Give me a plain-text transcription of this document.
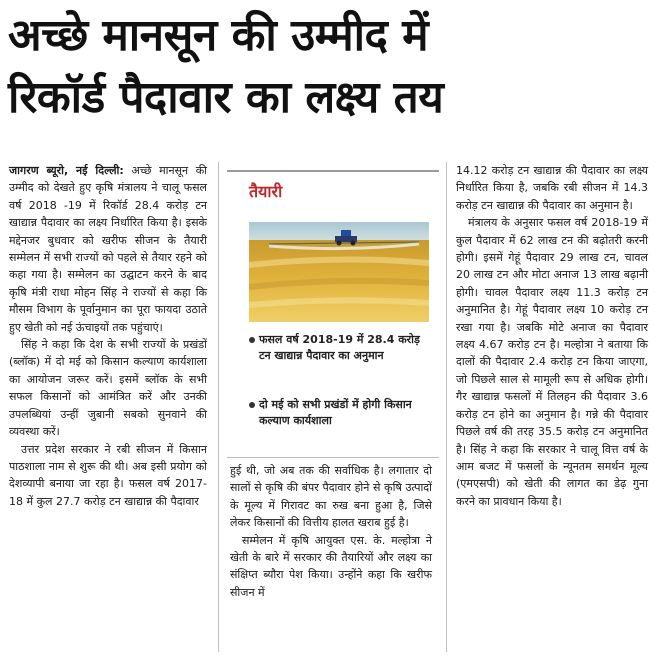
अच्छे मानसून की उम्मीद में
रिकॉर्ड पैदावार का लक्ष्य तय

जागरण ब्यूरो, नई दिल्ली: अच्छे मानसून की उम्मीद को देखते हुए कृषि मंत्रालय ने चालू फसल वर्ष 2018 -19 में रिकॉर्ड 28.4 करोड़ टन खाद्यान्न पैदावार का लक्ष्य निर्धारित किया है। इसके मद्देनजर बुधवार को खरीफ सीजन के तैयारी सम्मेलन में सभी राज्यों को पहले से तैयार रहने को कहा गया है। सम्मेलन का उद्घाटन करने के बाद कृषि मंत्री राधा मोहन सिंह ने राज्यों से कहा कि मौसम विभाग के पूर्वानुमान का पूरा फायदा उठाते हुए खेती को नई ऊंचाइयों तक पहुंचाएं।

सिंह ने कहा कि देश के सभी राज्यों के प्रखंडों (ब्लॉक) में दो मई को किसान कल्याण कार्यशाला का आयोजन जरूर करें। इसमें ब्लॉक के सभी सफल किसानों को आमंत्रित करें और उनकी उपलब्धियां उन्हीं जुबानी सबको सुनवाने की व्यवस्था करें।

उत्तर प्रदेश सरकार ने रबी सीजन में किसान पाठशाला नाम से शुरू की थी। अब इसी प्रयोग को देशव्यापी बनाया जा रहा है। फसल वर्ष 2017-18 में कुल 27.7 करोड़ टन खाद्यान्न की पैदावार

तैयारी
फसल वर्ष 2018-19 में 28.4 करोड़ टन खाद्यान्न पैदावार का अनुमान
दो मई को सभी प्रखंडों में होगी किसान कल्याण कार्यशाला

हुई थी, जो अब तक की सर्वाधिक है। लगातार दो सालों से कृषि की बंपर पैदावार होने से कृषि उत्पादों के मूल्य में गिरावट का रुख बना हुआ है, जिसे लेकर किसानों की वित्तीय हालत खराब हुई है।

सम्मेलन में कृषि आयुक्त एस. के. मल्होत्रा ने खेती के बारे में सरकार की तैयारियों और लक्ष्य का संक्षिप्त ब्यौरा पेश किया। उन्होंने कहा कि खरीफ सीजन में

14.12 करोड़ टन खाद्यान्न की पैदावार का लक्ष्य निर्धारित किया है, जबकि रबी सीजन में 14.3 करोड़ टन खाद्यान्न की पैदावार का अनुमान है।

मंत्रालय के अनुसार फसल वर्ष 2018-19 में कुल पैदावार में 62 लाख टन की बढ़ोतरी करनी होगी। इसमें गेहूं पैदावार 29 लाख टन, चावल 20 लाख टन और मोटा अनाज 13 लाख बढ़ानी होगी। चावल पैदावार लक्ष्य 11.3 करोड़ टन अनुमानित है। गेहूं पैदावार लक्ष्य 10 करोड़ टन रखा गया है। जबकि मोटे अनाज का पैदावार लक्ष्य 4.67 करोड़ टन है। मल्होत्रा ने बताया कि दालों की पैदावार 2.4 करोड़ टन किया जाएगा, जो पिछले साल से मामूली रूप से अधिक होगी। गैर खाद्यान्न फसलों में तिलहन की पैदावार 3.6 करोड़ टन होने का अनुमान है। गन्ने की पैदावार पिछले वर्ष की तरह 35.5 करोड़ टन अनुमानित है। सिंह ने कहा कि सरकार ने चालू वित्त वर्ष के आम बजट में फसलों के न्यूनतम समर्थन मूल्य (एमएसपी) को खेती की लागत का डेढ़ गुना करने का प्रावधान किया है।
